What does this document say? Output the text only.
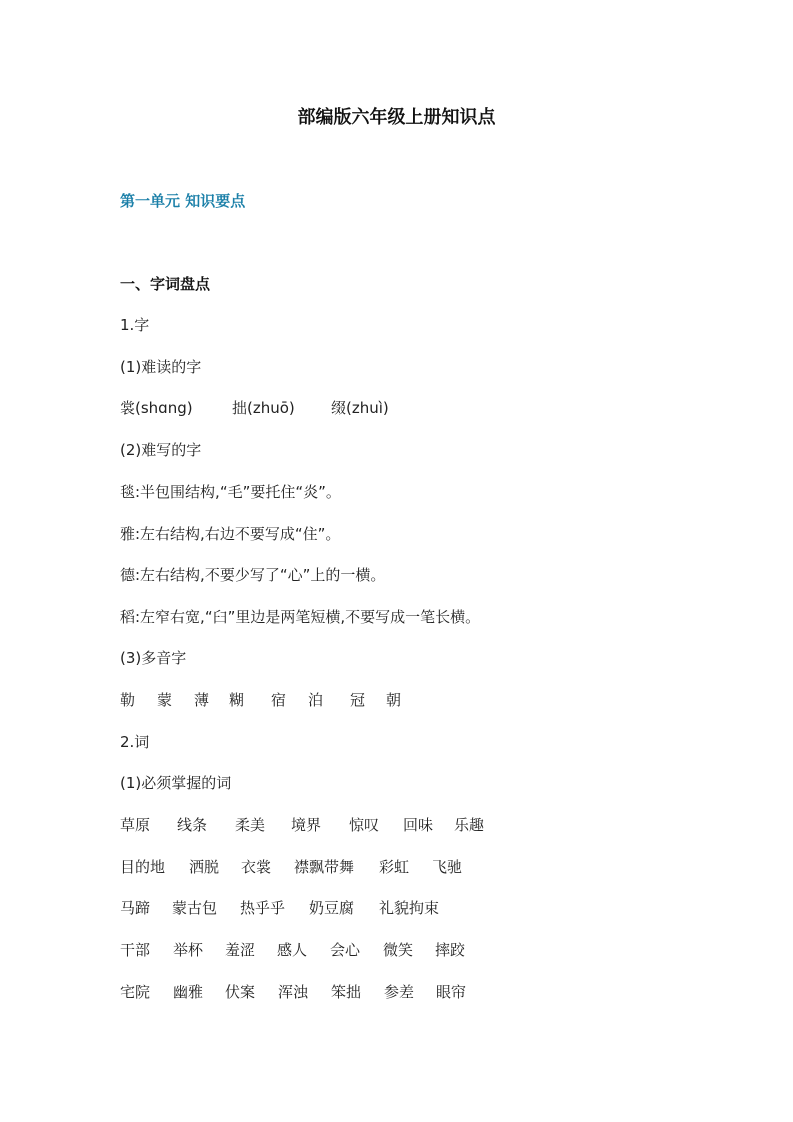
部编版六年级上册知识点
第一单元 知识要点

一、字词盘点

1.字

(1)难读的字

裳(shɑng)	拙(zhuō)	缀(zhuì)

(2)难写的字

毯:半包围结构,“毛”要托住“炎”。

雅:左右结构,右边不要写成“住”。

德:左右结构,不要少写了“心”上的一横。

稻:左窄右宽,“臼”里边是两笔短横,不要写成一笔长横。

(3)多音字

勒	蒙	薄	糊	宿	泊	冠	朝

2.词

(1)必须掌握的词

草原	线条	柔美	境界	惊叹	回味	乐趣
目的地	洒脱	衣裳	襟飘带舞	彩虹	飞驰
马蹄	蒙古包	热乎乎	奶豆腐	礼貌拘束
干部	举杯	羞涩	感人	会心	微笑	摔跤
宅院	幽雅	伏案	浑浊	笨拙	参差	眼帘
